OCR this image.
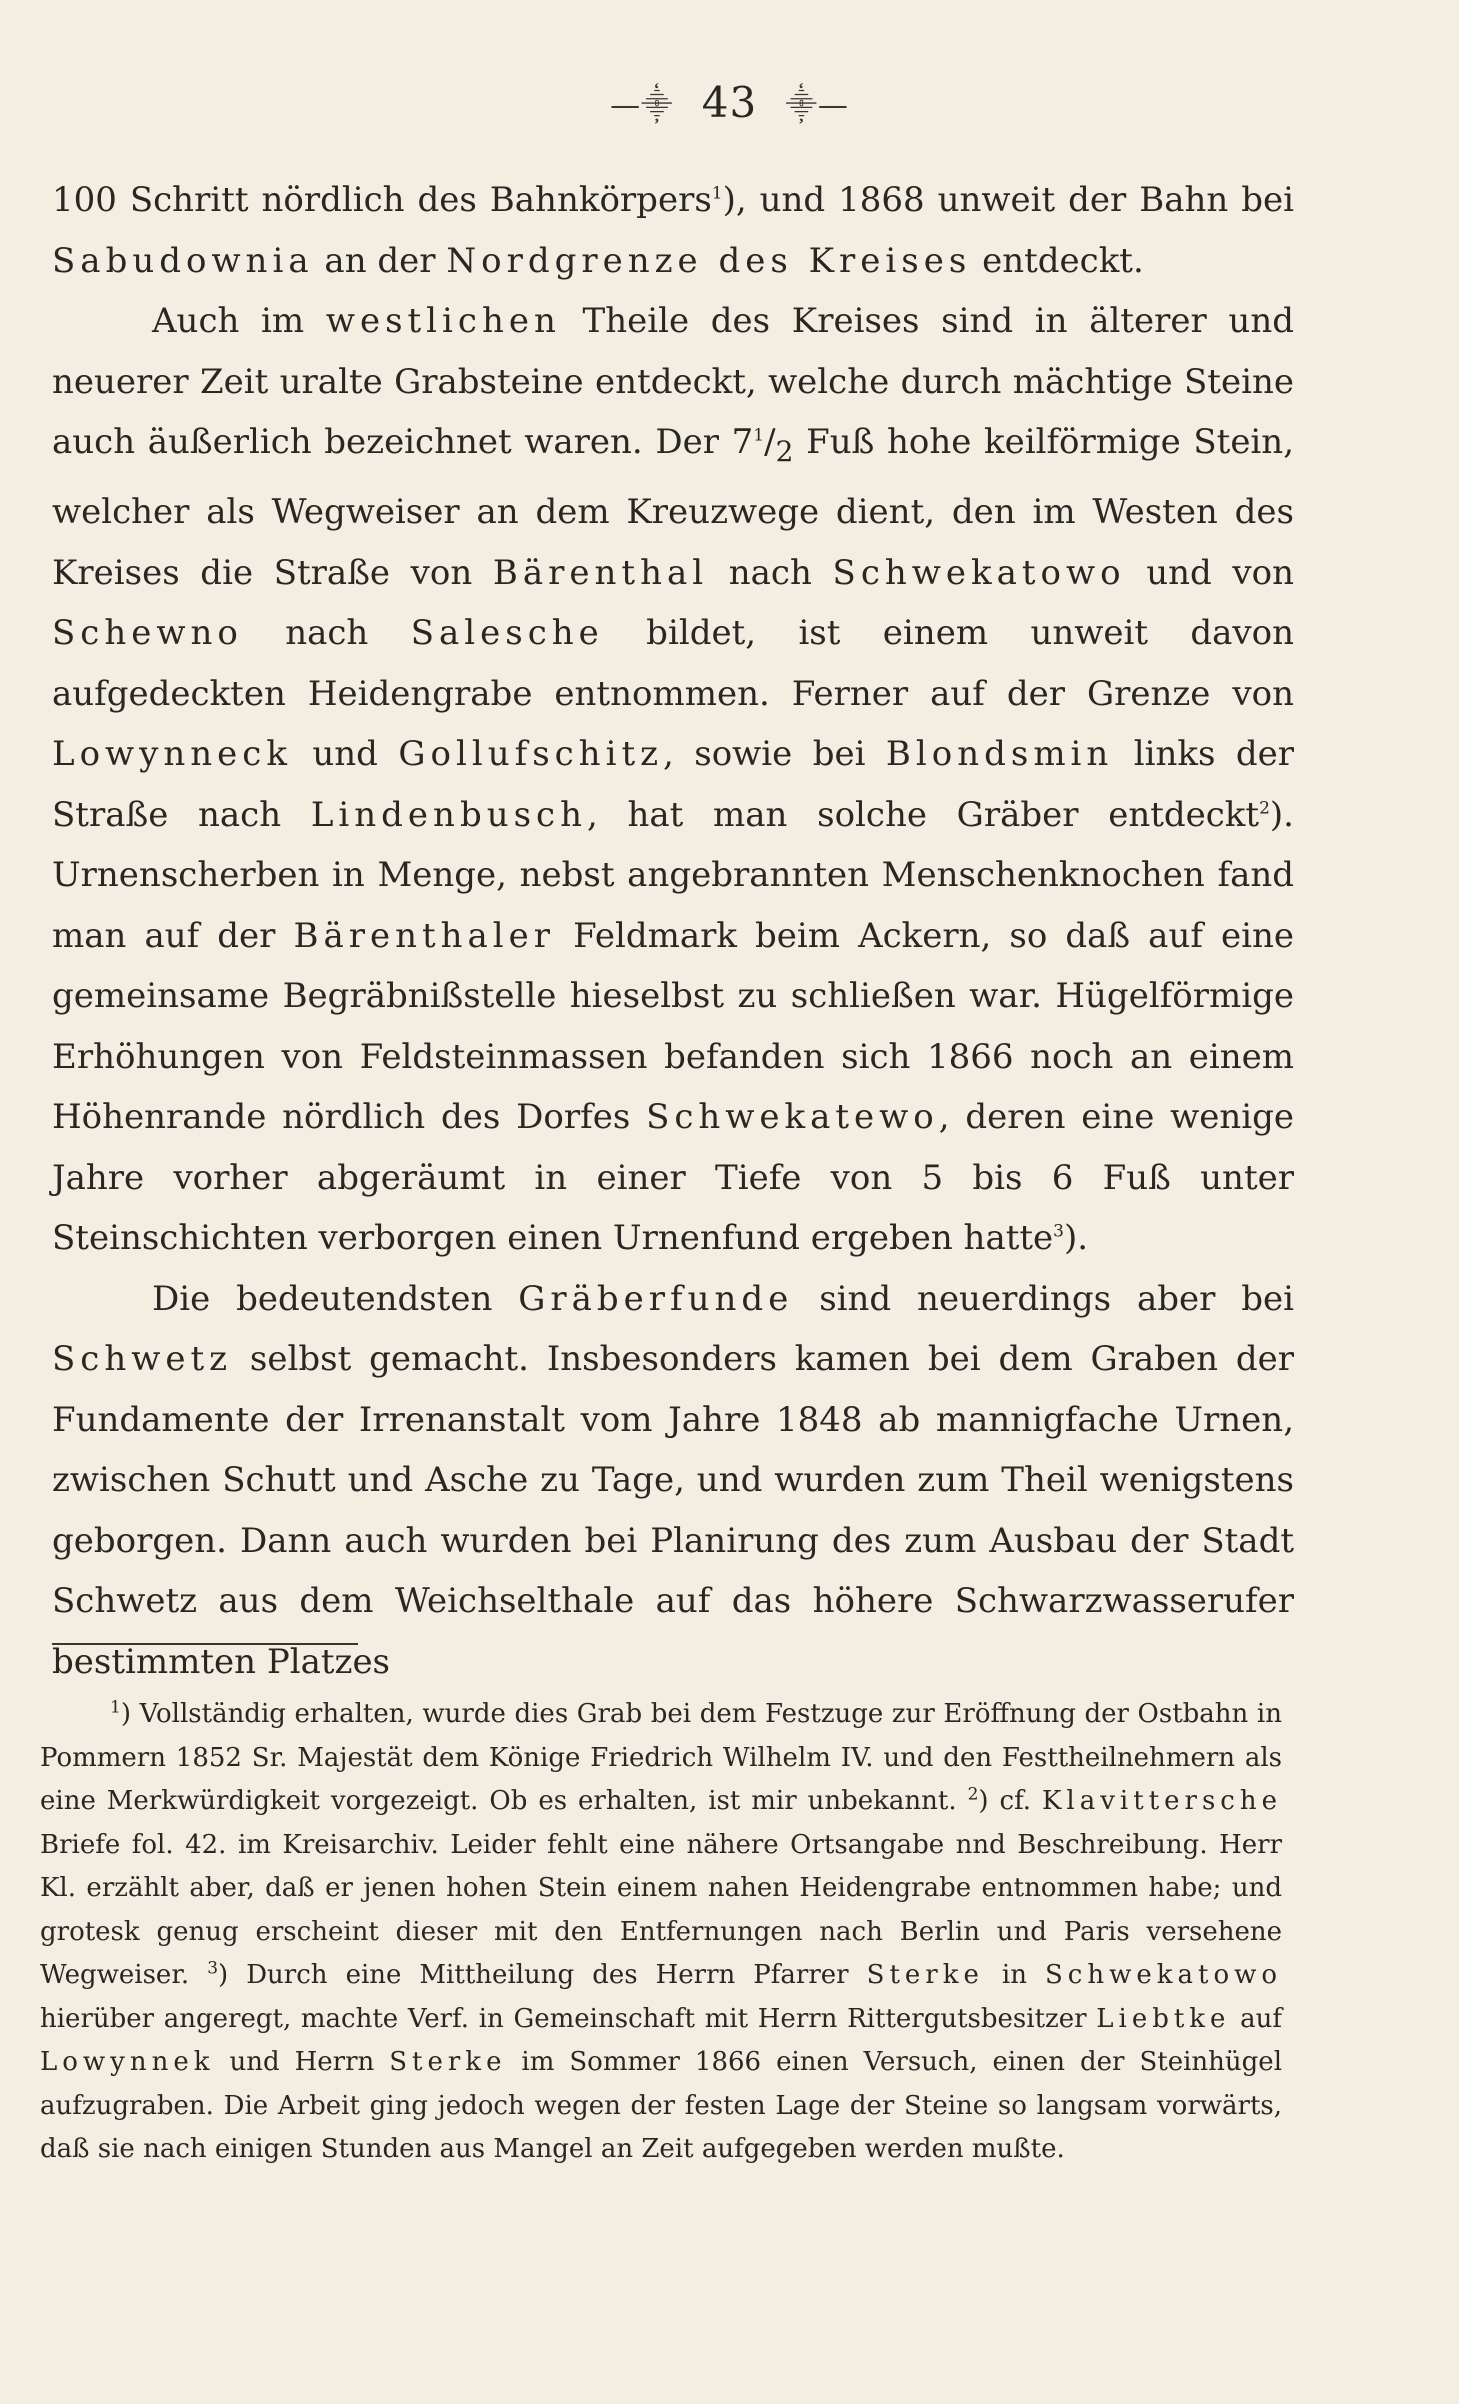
—⸎ 43 ⸎—

100 Schritt nördlich des Bahnkörpers$^1$), und 1868 unweit der Bahn bei Sabudownia an der Nordgrenze des Kreises entdeckt.

Auch im westlichen Theile des Kreises sind in älterer und neuerer Zeit uralte Grabsteine entdeckt, welche durch mächtige Steine auch äußerlich bezeichnet waren. Der $7^1/_2$ Fuß hohe keilförmige Stein, welcher als Wegweiser an dem Kreuzwege dient, den im Westen des Kreises die Straße von Bärenthal nach Schwekatowo und von Schewno nach Salesche bildet, ist einem unweit davon aufgedeckten Heidengrabe entnommen. Ferner auf der Grenze von Lowynneck und Gollufschitz, sowie bei Blondsmin links der Straße nach Lindenbusch, hat man solche Gräber entdeckt$^2$). Urnenscherben in Menge, nebst angebrannten Menschenknochen fand man auf der Bärenthaler Feldmark beim Ackern, so daß auf eine gemeinsame Begräbnißstelle hieselbst zu schließen war. Hügelförmige Erhöhungen von Feldsteinmassen befanden sich 1866 noch an einem Höhenrande nördlich des Dorfes Schwekatewo, deren eine wenige Jahre vorher abgeräumt in einer Tiefe von 5 bis 6 Fuß unter Steinschichten verborgen einen Urnenfund ergeben hatte$^3$).

Die bedeutendsten Gräberfunde sind neuerdings aber bei Schwetz selbst gemacht. Insbesonders kamen bei dem Graben der Fundamente der Irrenanstalt vom Jahre 1848 ab mannigfache Urnen, zwischen Schutt und Asche zu Tage, und wurden zum Theil wenigstens geborgen. Dann auch wurden bei Planirung des zum Ausbau der Stadt Schwetz aus dem Weichselthale auf das höhere Schwarzwasserufer bestimmten Platzes

$^1$) Vollständig erhalten, wurde dies Grab bei dem Festzuge zur Eröffnung der Ostbahn in Pommern 1852 Sr. Majestät dem Könige Friedrich Wilhelm IV. und den Festtheilnehmern als eine Merkwürdigkeit vorgezeigt. Ob es erhalten, ist mir unbekannt. $^2$) cf. Klavittersche Briefe fol. 42. im Kreisarchiv. Leider fehlt eine nähere Ortsangabe nnd Beschreibung. Herr Kl. erzählt aber, daß er jenen hohen Stein einem nahen Heidengrabe entnommen habe; und grotesk genug erscheint dieser mit den Entfernungen nach Berlin und Paris versehene Wegweiser. $^3$) Durch eine Mittheilung des Herrn Pfarrer Sterke in Schwekatowo hierüber angeregt, machte Verf. in Gemeinschaft mit Herrn Rittergutsbesitzer Liebtke auf Lowynnek und Herrn Sterke im Sommer 1866 einen Versuch, einen der Steinhügel aufzugraben. Die Arbeit ging jedoch wegen der festen Lage der Steine so langsam vorwärts, daß sie nach einigen Stunden aus Mangel an Zeit aufgegeben werden mußte.
